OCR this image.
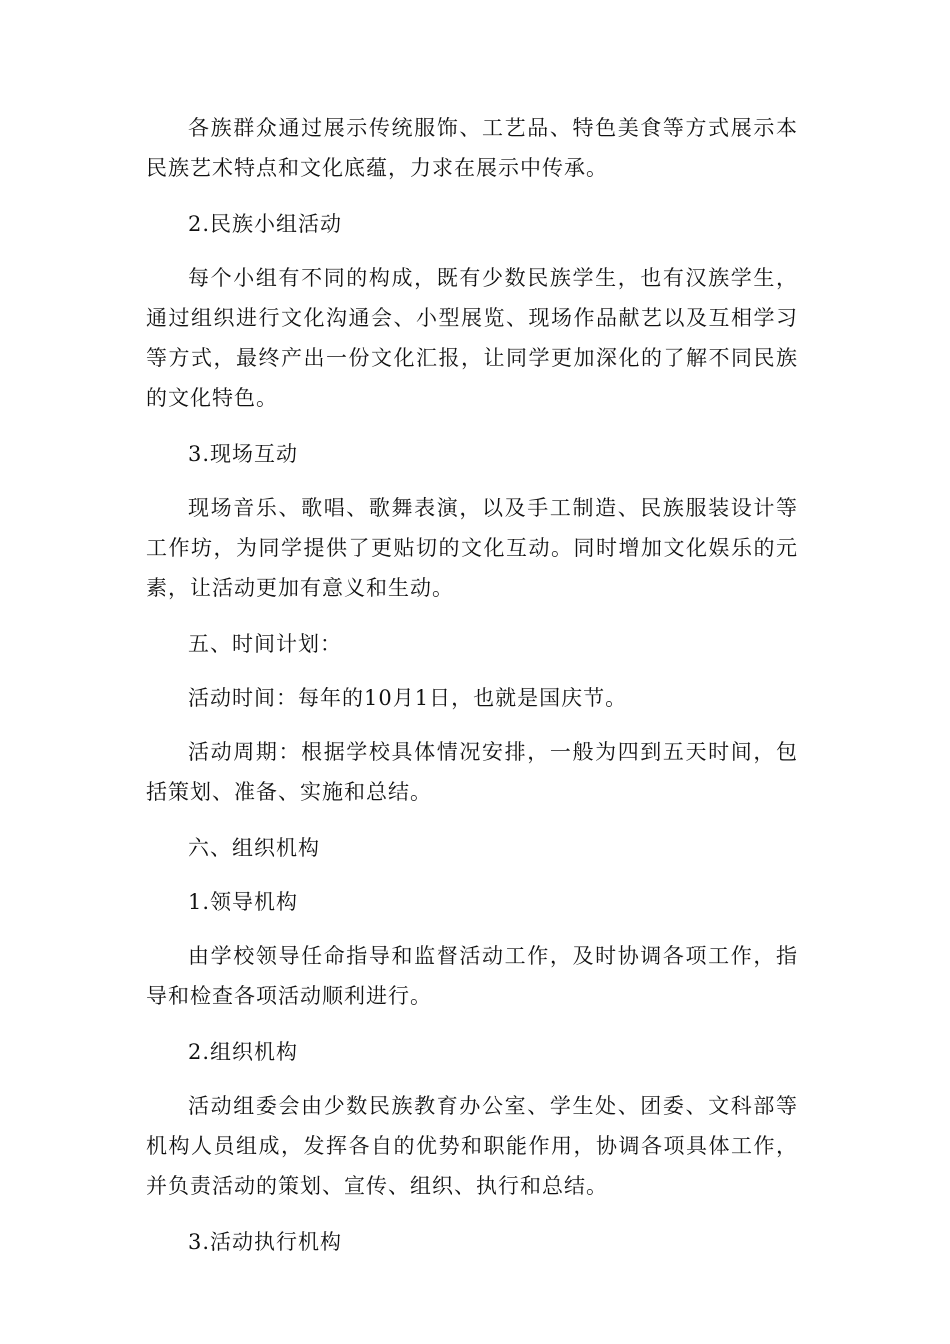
各族群众通过展示传统服饰、工艺品、特色美食等方式展示本民族艺术特点和文化底蕴，力求在展示中传承。

2.民族小组活动

每个小组有不同的构成，既有少数民族学生，也有汉族学生，通过组织进行文化沟通会、小型展览、现场作品献艺以及互相学习等方式，最终产出一份文化汇报，让同学更加深化的了解不同民族的文化特色。

3.现场互动

现场音乐、歌唱、歌舞表演，以及手工制造、民族服装设计等工作坊，为同学提供了更贴切的文化互动。同时增加文化娱乐的元素，让活动更加有意义和生动。

五、时间计划：

活动时间：每年的10月1日，也就是国庆节。

活动周期：根据学校具体情况安排，一般为四到五天时间，包括策划、准备、实施和总结。

六、组织机构

1.领导机构

由学校领导任命指导和监督活动工作，及时协调各项工作，指导和检查各项活动顺利进行。

2.组织机构

活动组委会由少数民族教育办公室、学生处、团委、文科部等机构人员组成，发挥各自的优势和职能作用，协调各项具体工作，并负责活动的策划、宣传、组织、执行和总结。

3.活动执行机构
